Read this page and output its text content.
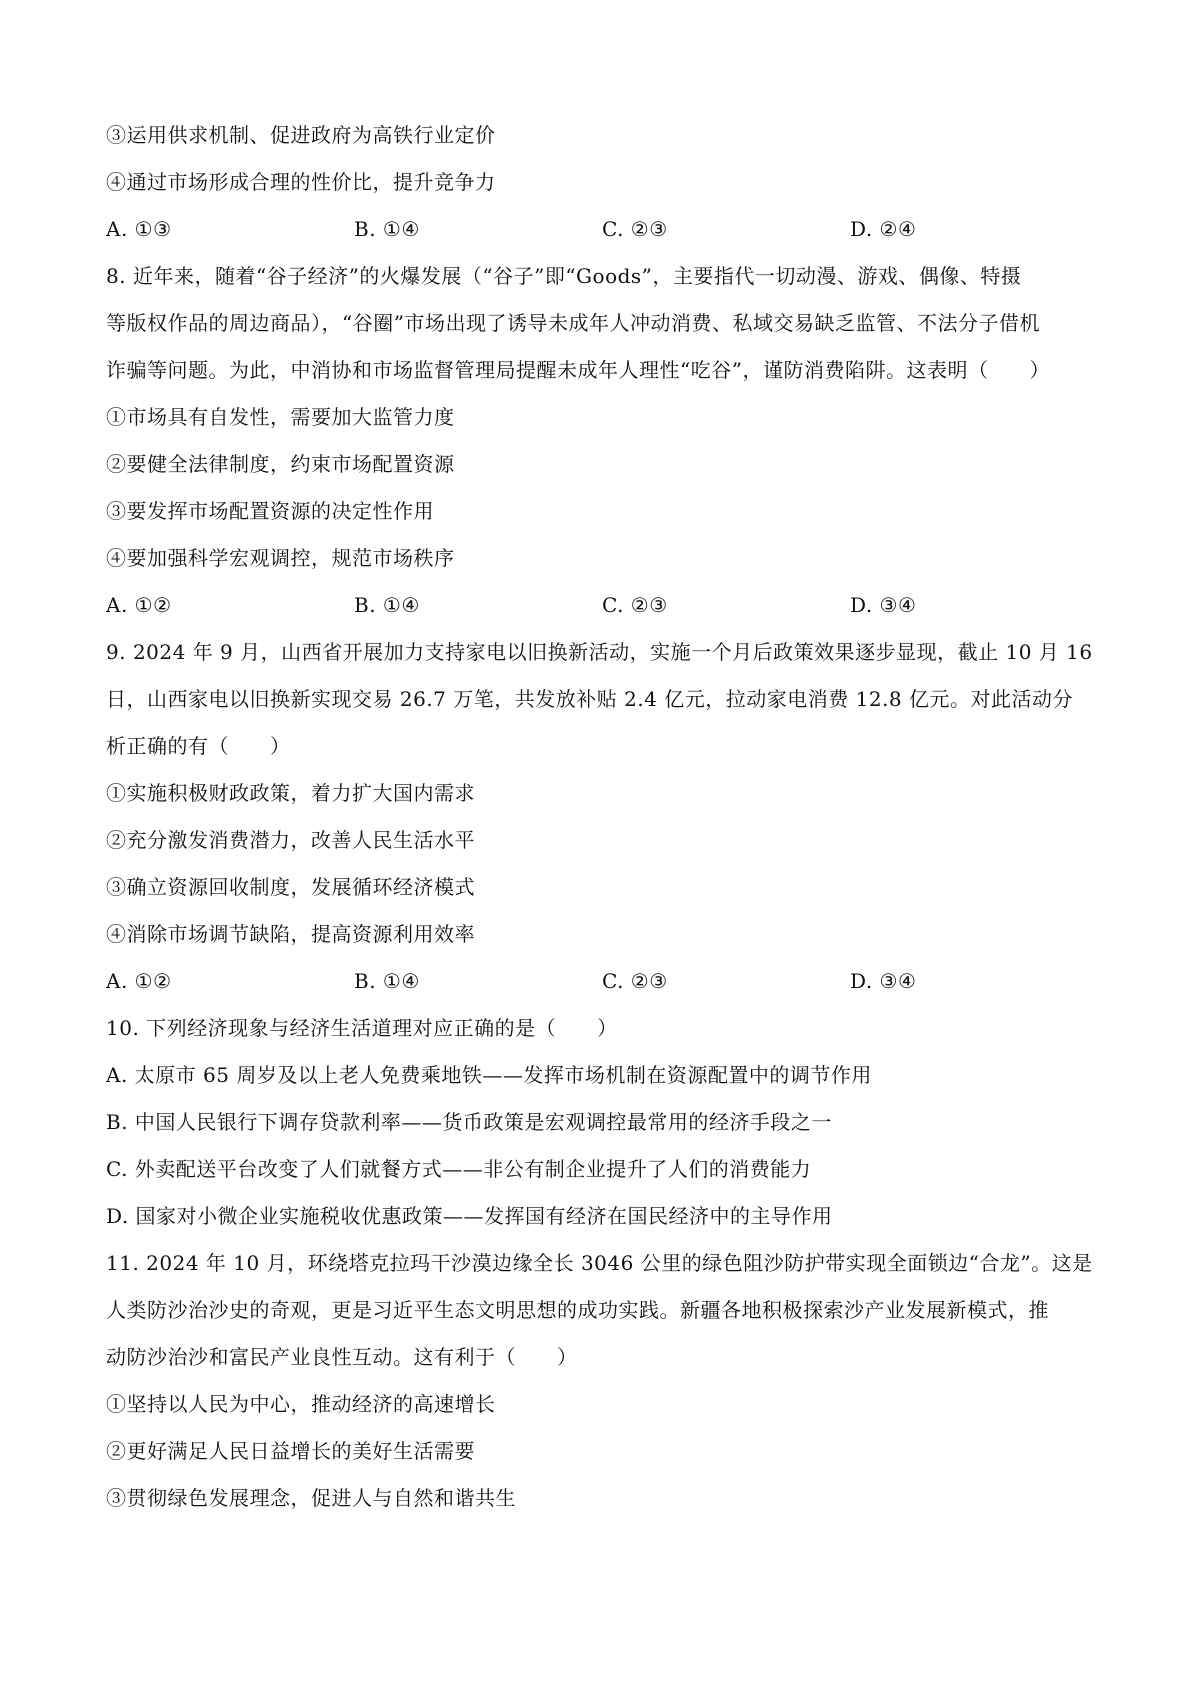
③运用供求机制、促进政府为高铁行业定价
④通过市场形成合理的性价比，提升竞争力
A. ①③	B. ①④	C. ②③	D. ②④
8. 近年来，随着“谷子经济”的火爆发展（“谷子”即“Goods”，主要指代一切动漫、游戏、偶像、特摄
等版权作品的周边商品），“谷圈”市场出现了诱导未成年人冲动消费、私域交易缺乏监管、不法分子借机
诈骗等问题。为此，中消协和市场监督管理局提醒未成年人理性“吃谷”，谨防消费陷阱。这表明（　　）
①市场具有自发性，需要加大监管力度
②要健全法律制度，约束市场配置资源
③要发挥市场配置资源的决定性作用
④要加强科学宏观调控，规范市场秩序
A. ①②	B. ①④	C. ②③	D. ③④
9. 2024 年 9 月，山西省开展加力支持家电以旧换新活动，实施一个月后政策效果逐步显现，截止 10 月 16
日，山西家电以旧换新实现交易 26.7 万笔，共发放补贴 2.4 亿元，拉动家电消费 12.8 亿元。对此活动分
析正确的有（　　）
①实施积极财政政策，着力扩大国内需求
②充分激发消费潜力，改善人民生活水平
③确立资源回收制度，发展循环经济模式
④消除市场调节缺陷，提高资源利用效率
A. ①②	B. ①④	C. ②③	D. ③④
10. 下列经济现象与经济生活道理对应正确的是（　　）
A. 太原市 65 周岁及以上老人免费乘地铁——发挥市场机制在资源配置中的调节作用
B. 中国人民银行下调存贷款利率——货币政策是宏观调控最常用的经济手段之一
C. 外卖配送平台改变了人们就餐方式——非公有制企业提升了人们的消费能力
D. 国家对小微企业实施税收优惠政策——发挥国有经济在国民经济中的主导作用
11. 2024 年 10 月，环绕塔克拉玛干沙漠边缘全长 3046 公里的绿色阻沙防护带实现全面锁边“合龙”。这是
人类防沙治沙史的奇观，更是习近平生态文明思想的成功实践。新疆各地积极探索沙产业发展新模式，推
动防沙治沙和富民产业良性互动。这有利于（　　）
①坚持以人民为中心，推动经济的高速增长
②更好满足人民日益增长的美好生活需要
③贯彻绿色发展理念，促进人与自然和谐共生
